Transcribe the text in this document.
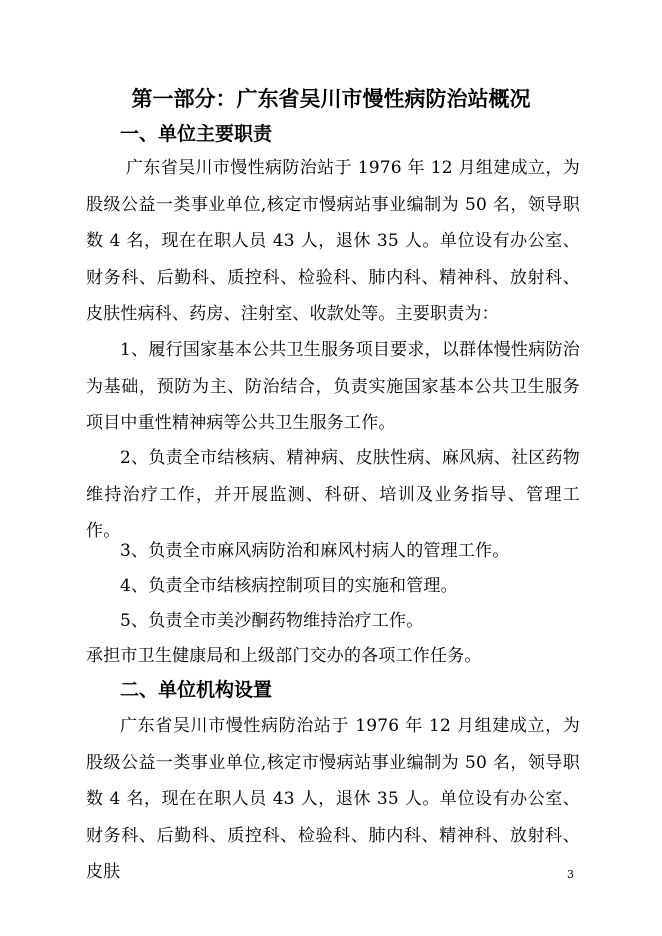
第一部分：广东省吴川市慢性病防治站概况
一、单位主要职责

广东省吴川市慢性病防治站于 1976 年 12 月组建成立，为股级公益一类事业单位,核定市慢病站事业编制为 50 名，领导职数 4 名，现在在职人员 43 人，退休 35 人。单位设有办公室、财务科、后勤科、质控科、检验科、肺内科、精神科、放射科、皮肤性病科、药房、注射室、收款处等。主要职责为：

1、履行国家基本公共卫生服务项目要求，以群体慢性病防治为基础，预防为主、防治结合，负责实施国家基本公共卫生服务项目中重性精神病等公共卫生服务工作。

2、负责全市结核病、精神病、皮肤性病、麻风病、社区药物维持治疗工作，并开展监测、科研、培训及业务指导、管理工作。

3、负责全市麻风病防治和麻风村病人的管理工作。

4、负责全市结核病控制项目的实施和管理。

5、负责全市美沙酮药物维持治疗工作。

承担市卫生健康局和上级部门交办的各项工作任务。

二、单位机构设置

广东省吴川市慢性病防治站于 1976 年 12 月组建成立，为股级公益一类事业单位,核定市慢病站事业编制为 50 名，领导职数 4 名，现在在职人员 43 人，退休 35 人。单位设有办公室、财务科、后勤科、质控科、检验科、肺内科、精神科、放射科、皮肤	3
